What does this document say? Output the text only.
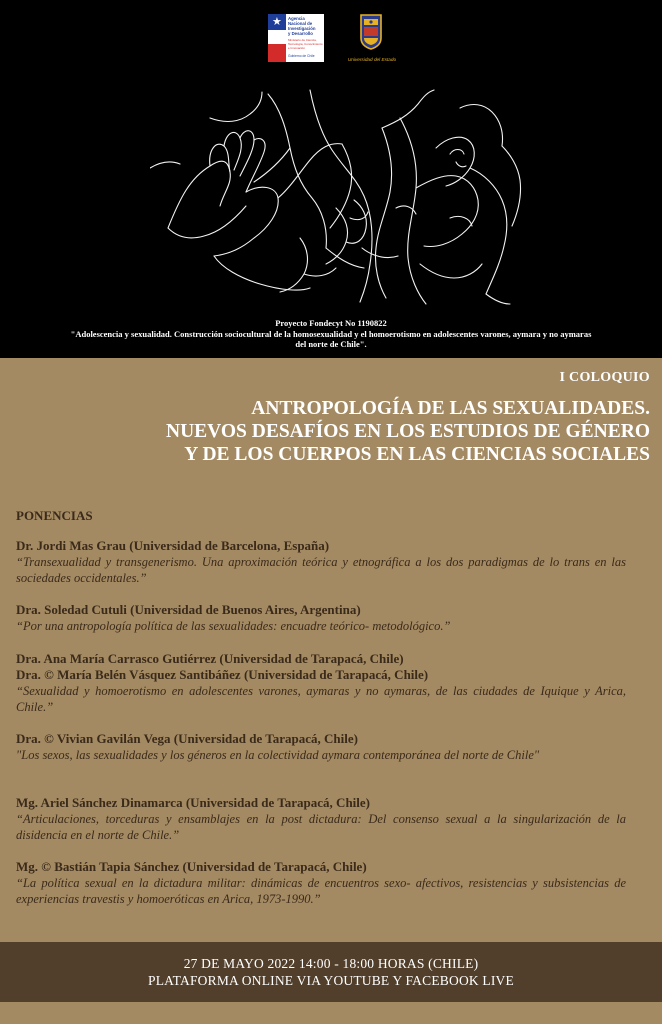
★ Agencia
Nacional de
Investigación
y Desarrollo
Ministerio de Ciencia, Tecnología, Conocimiento e Innovación
Gobierno de Chile
Universidad del Estado
Proyecto Fondecyt No 1190822
"Adolescencia y sexualidad. Construcción sociocultural de la homosexualidad y el homoerotismo en adolescentes varones, aymara y no aymaras del norte de Chile".
I COLOQUIO
ANTROPOLOGÍA DE LAS SEXUALIDADES.
NUEVOS DESAFÍOS EN LOS ESTUDIOS DE GÉNERO
Y DE LOS CUERPOS EN LAS CIENCIAS SOCIALES
PONENCIAS
Dr. Jordi Mas Grau (Universidad de Barcelona, España)
“Transexualidad y transgenerismo. Una aproximación teórica y etnográfica a los dos paradigmas de lo trans en las sociedades occidentales.”
Dra. Soledad Cutuli (Universidad de Buenos Aires, Argentina)
“Por una antropología política de las sexualidades: encuadre teórico- metodológico.”
Dra. Ana María Carrasco Gutiérrez (Universidad de Tarapacá, Chile)
Dra. © María Belén Vásquez Santibáñez (Universidad de Tarapacá, Chile)
“Sexualidad y homoerotismo en adolescentes varones, aymaras y no aymaras, de las ciudades de Iquique y Arica, Chile.”
Dra. © Vivian Gavilán Vega (Universidad de Tarapacá, Chile)
"Los sexos, las sexualidades y los géneros en la colectividad aymara contemporánea del norte de Chile"
Mg. Ariel Sánchez Dinamarca (Universidad de Tarapacá, Chile)
“Articulaciones, torceduras y ensamblajes en la post dictadura: Del consenso sexual a la singularización de la disidencia en el norte de Chile.”
Mg. © Bastián Tapia Sánchez (Universidad de Tarapacá, Chile)
“La política sexual en la dictadura militar: dinámicas de encuentros sexo- afectivos, resistencias y subsistencias de experiencias travestis y homoeróticas en Arica, 1973-1990.”
27 DE MAYO 2022 14:00 - 18:00 HORAS (CHILE)
PLATAFORMA ONLINE VIA YOUTUBE Y FACEBOOK LIVE
